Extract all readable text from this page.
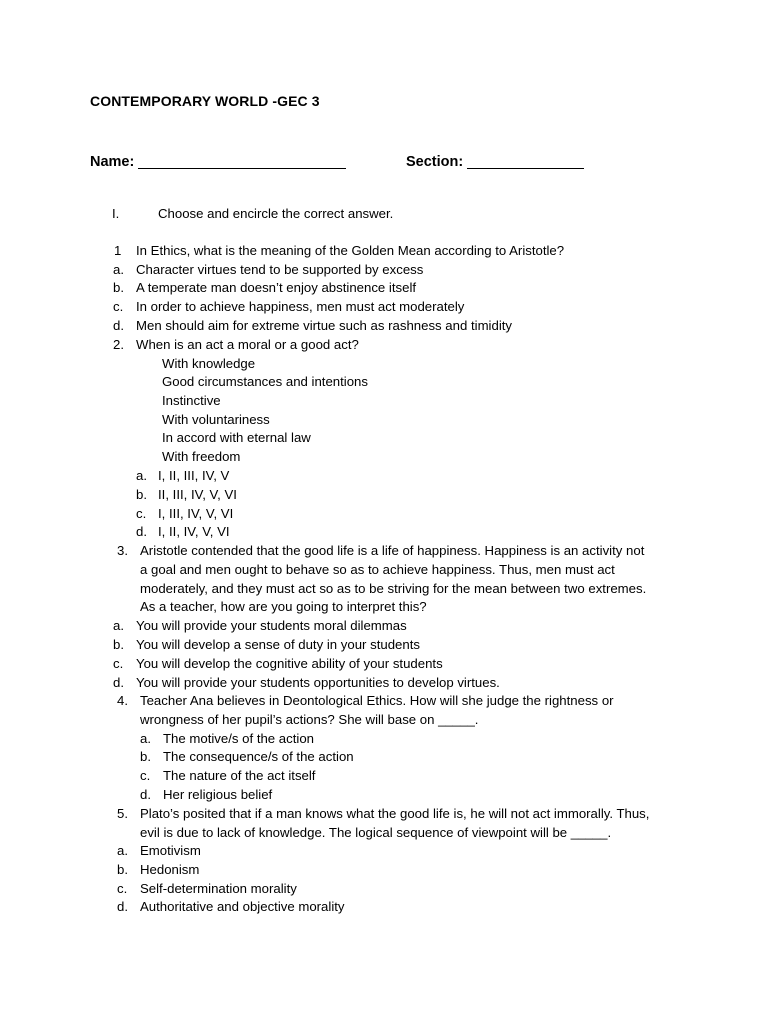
CONTEMPORARY WORLD -GEC 3
Name:	Section:
I.	Choose and encircle the correct answer.
1 In Ethics, what is the meaning of the Golden Mean according to Aristotle?
a. Character virtues tend to be supported by excess
b. A temperate man doesn’t enjoy abstinence itself
c. In order to achieve happiness, men must act moderately
d. Men should aim for extreme virtue such as rashness and timidity
2. When is an act a moral or a good act?
With knowledge
Good circumstances and intentions
Instinctive
With voluntariness
In accord with eternal law
With freedom
a. I, II, III, IV, V
b. II, III, IV, V, VI
c. I, III, IV, V, VI
d. I, II, IV, V, VI
3. Aristotle contended that the good life is a life of happiness. Happiness is an activity not
a goal and men ought to behave so as to achieve happiness. Thus, men must act
moderately, and they must act so as to be striving for the mean between two extremes.
As a teacher, how are you going to interpret this?
a. You will provide your students moral dilemmas
b. You will develop a sense of duty in your students
c. You will develop the cognitive ability of your students
d. You will provide your students opportunities to develop virtues.
4. Teacher Ana believes in Deontological Ethics. How will she judge the rightness or
wrongness of her pupil’s actions? She will base on _____.
a. The motive/s of the action
b. The consequence/s of the action
c. The nature of the act itself
d. Her religious belief
5. Plato’s posited that if a man knows what the good life is, he will not act immorally. Thus,
evil is due to lack of knowledge. The logical sequence of viewpoint will be _____.
a. Emotivism
b. Hedonism
c. Self-determination morality
d. Authoritative and objective morality
